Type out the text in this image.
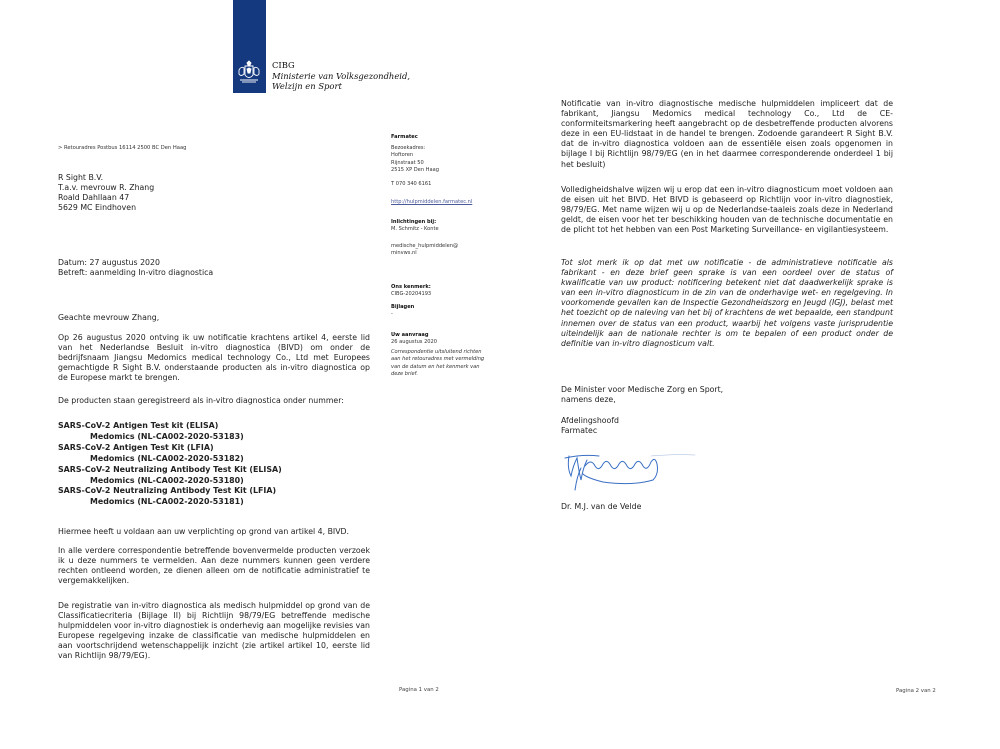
CIBG
Ministerie van Volksgezondheid,
Welzijn en Sport
> Retouradres Postbus 16114 2500 BC Den Haag
R Sight B.V.
T.a.v. mevrouw R. Zhang
Roald Dahllaan 47
5629 MC Eindhoven
Datum: 27 augustus 2020
Betreft: aanmelding In-vitro diagnostica
Geachte mevrouw Zhang,
Op 26 augustus 2020 ontving ik uw notificatie krachtens artikel 4, eerste lid van het Nederlandse Besluit in-vitro diagnostica (BIVD) om onder de bedrijfsnaam Jiangsu Medomics medical technology Co., Ltd met Europees gemachtigde R Sight B.V. onderstaande producten als in-vitro diagnostica op de Europese markt te brengen.
De producten staan geregistreerd als in-vitro diagnostica onder nummer:
SARS-CoV-2 Antigen Test kit (ELISA)
Medomics (NL-CA002-2020-53183)
SARS-CoV-2 Antigen Test Kit (LFIA)
Medomics (NL-CA002-2020-53182)
SARS-CoV-2 Neutralizing Antibody Test Kit (ELISA)
Medomics (NL-CA002-2020-53180)
SARS-CoV-2 Neutralizing Antibody Test Kit (LFIA)
Medomics (NL-CA002-2020-53181)
Hiermee heeft u voldaan aan uw verplichting op grond van artikel 4, BIVD.
In alle verdere correspondentie betreffende bovenvermelde producten verzoek ik u deze nummers te vermelden. Aan deze nummers kunnen geen verdere rechten ontleend worden, ze dienen alleen om de notificatie administratief te vergemakkelijken.
De registratie van in-vitro diagnostica als medisch hulpmiddel op grond van de Classificatiecriteria (Bijlage II) bij Richtlijn 98/79/EG betreffende medische hulpmiddelen voor in-vitro diagnostiek is onderhevig aan mogelijke revisies van Europese regelgeving inzake de classificatie van medische hulpmiddelen en aan voortschrijdend wetenschappelijk inzicht (zie artikel artikel 10, eerste lid van Richtlijn 98/79/EG).
Pagina 1 van 2
Farmatec
Bezoekadres:
Hoftoren
Rijnstraat 50
2515 XP Den Haag
T 070 340 6161
http://hulpmiddelen.farmatec.nl
Inlichtingen bij:
M. Schmitz - Konte
medische_hulpmiddelen@
minvws.nl
Ons kenmerk:
CIBG-20204193
Bijlagen
-
Uw aanvraag
26 augustus 2020
Correspondentie uitsluitend richten aan het retouradres met vermelding van de datum en het kenmerk van deze brief.
Notificatie van in-vitro diagnostische medische hulpmiddelen impliceert dat de fabrikant, Jiangsu Medomics medical technology Co., Ltd de CE-conformiteitsmarkering heeft aangebracht op de desbetreffende producten alvorens deze in een EU-lidstaat in de handel te brengen. Zodoende garandeert R Sight B.V. dat de in-vitro diagnostica voldoen aan de essentiële eisen zoals opgenomen in bijlage I bij Richtlijn 98/79/EG (en in het daarmee corresponderende onderdeel 1 bij het besluit)
Volledigheidshalve wijzen wij u erop dat een in-vitro diagnosticum moet voldoen aan de eisen uit het BIVD. Het BIVD is gebaseerd op Richtlijn voor in-vitro diagnostiek, 98/79/EG. Met name wijzen wij u op de Nederlandse-taaleis zoals deze in Nederland geldt, de eisen voor het ter beschikking houden van de technische documentatie en de plicht tot het hebben van een Post Marketing Surveillance- en vigilantiesysteem.
Tot slot merk ik op dat met uw notificatie - de administratieve notificatie als fabrikant - en deze brief geen sprake is van een oordeel over de status of kwalificatie van uw product: notificering betekent niet dat daadwerkelijk sprake is van een in-vitro diagnosticum in de zin van de onderhavige wet- en regelgeving. In voorkomende gevallen kan de Inspectie Gezondheidszorg en Jeugd (IGJ), belast met het toezicht op de naleving van het bij of krachtens de wet bepaalde, een standpunt innemen over de status van een product, waarbij het volgens vaste jurisprudentie uiteindelijk aan de nationale rechter is om te bepalen of een product onder de definitie van in-vitro diagnosticum valt.
De Minister voor Medische Zorg en Sport,
namens deze,
Afdelingshoofd
Farmatec
Dr. M.J. van de Velde
Pagina 2 van 2
